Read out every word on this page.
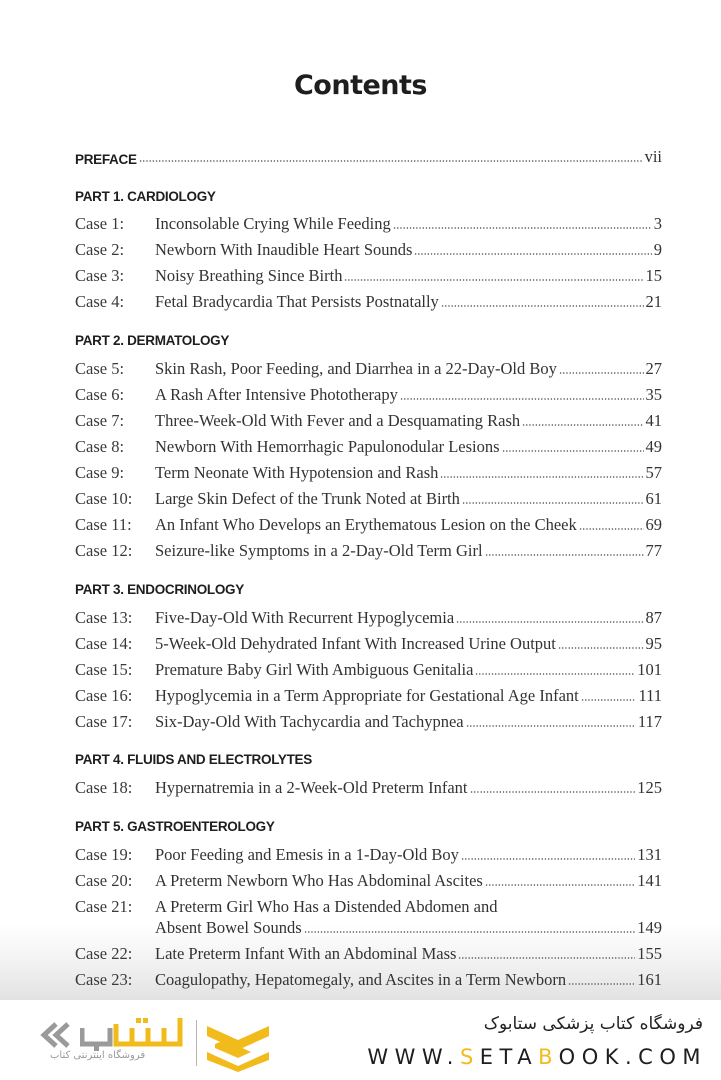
Contents
PREFACE	vii
PART 1. CARDIOLOGY
Case 1:	Inconsolable Crying While Feeding	3
Case 2:	Newborn With Inaudible Heart Sounds	9
Case 3:	Noisy Breathing Since Birth	15
Case 4:	Fetal Bradycardia That Persists Postnatally	21
PART 2. DERMATOLOGY
Case 5:	Skin Rash, Poor Feeding, and Diarrhea in a 22-Day-Old Boy	27
Case 6:	A Rash After Intensive Phototherapy	35
Case 7:	Three-Week-Old With Fever and a Desquamating Rash	41
Case 8:	Newborn With Hemorrhagic Papulonodular Lesions	49
Case 9:	Term Neonate With Hypotension and Rash	57
Case 10:	Large Skin Defect of the Trunk Noted at Birth	61
Case 11:	An Infant Who Develops an Erythematous Lesion on the Cheek	69
Case 12:	Seizure-like Symptoms in a 2-Day-Old Term Girl	77
PART 3. ENDOCRINOLOGY
Case 13:	Five-Day-Old With Recurrent Hypoglycemia	87
Case 14:	5-Week-Old Dehydrated Infant With Increased Urine Output	95
Case 15:	Premature Baby Girl With Ambiguous Genitalia	101
Case 16:	Hypoglycemia in a Term Appropriate for Gestational Age Infant	111
Case 17:	Six-Day-Old With Tachycardia and Tachypnea	117
PART 4. FLUIDS AND ELECTROLYTES
Case 18:	Hypernatremia in a 2-Week-Old Preterm Infant	125
PART 5. GASTROENTEROLOGY
Case 19:	Poor Feeding and Emesis in a 1-Day-Old Boy	131
Case 20:	A Preterm Newborn Who Has Abdominal Ascites	141
Case 21:	A Preterm Girl Who Has a Distended Abdomen and
Absent Bowel Sounds	149
Case 22:	Late Preterm Infant With an Abdominal Mass	155
Case 23:	Coagulopathy, Hepatomegaly, and Ascites in a Term Newborn	161
فروشگاه اینترنتی کتاب
فروشگاه کتاب پزشکی ستابوک
WWW.SETABOOK.COM
